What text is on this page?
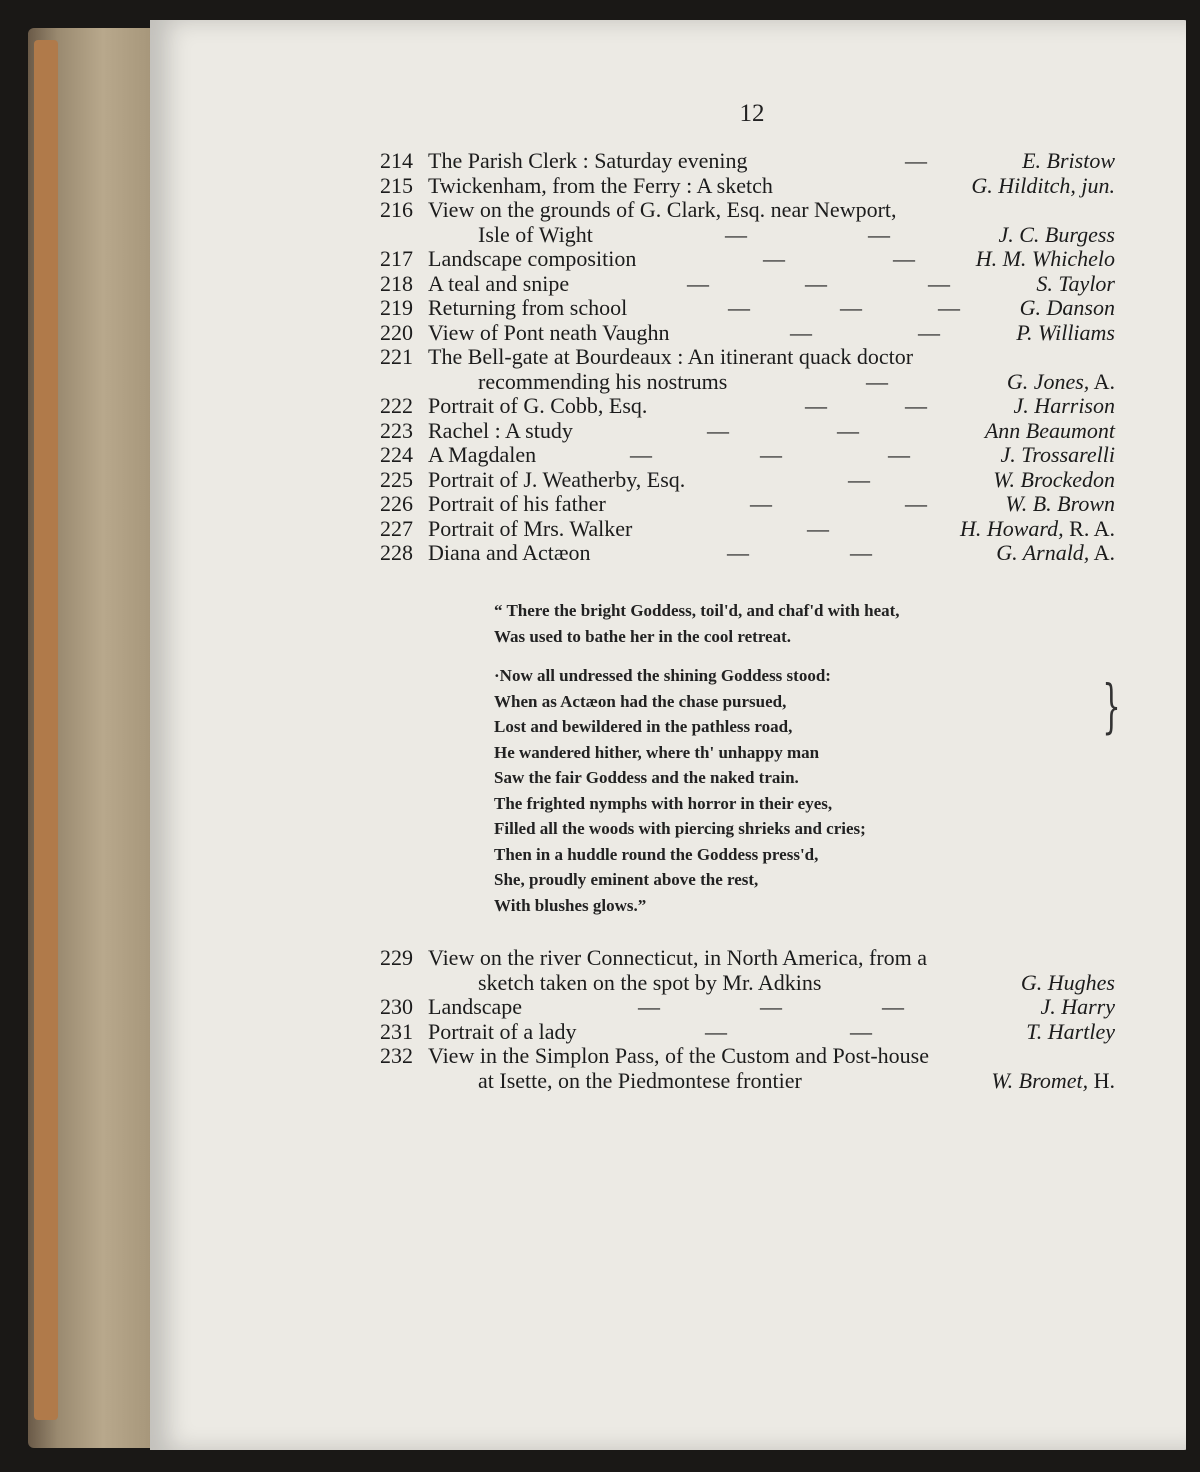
12
214 The Parish Clerk : Saturday evening	—	E. Bristow
215 Twickenham, from the Ferry : A sketch	G. Hilditch, jun.
216 View on the grounds of G. Clark, Esq. near Newport,
Isle of Wight	—	—	J. C. Burgess
217 Landscape composition	—	—	H. M. Whichelo
218 A teal and snipe	—	—	—	S. Taylor
219 Returning from school	—	—	—	G. Danson
220 View of Pont neath Vaughn	—	—	P. Williams
221 The Bell-gate at Bourdeaux : An itinerant quack doctor
recommending his nostrums	—	G. Jones, A.
222 Portrait of G. Cobb, Esq.	—	—	J. Harrison
223 Rachel : A study	—	—	Ann Beaumont
224 A Magdalen	—	—	—	J. Trossarelli
225 Portrait of J. Weatherby, Esq.	—	W. Brockedon
226 Portrait of his father	—	—	W. B. Brown
227 Portrait of Mrs. Walker	—	H. Howard, R. A.
228 Diana and Actæon	—	—	G. Arnald, A.
“ There the bright Goddess, toil'd, and chaf'd with heat,
Was used to bathe her in the cool retreat.
·Now all undressed the shining Goddess stood:
When as Actæon had the chase pursued,
Lost and bewildered in the pathless road,
He wandered hither, where th' unhappy man
Saw the fair Goddess and the naked train.
The frighted nymphs with horror in their eyes,
Filled all the woods with piercing shrieks and cries;
Then in a huddle round the Goddess press'd,
She, proudly eminent above the rest,
With blushes glows.”
}
229 View on the river Connecticut, in North America, from a
sketch taken on the spot by Mr. Adkins	G. Hughes
230 Landscape	—	—	—	J. Harry
231 Portrait of a lady	—	—	T. Hartley
232 View in the Simplon Pass, of the Custom and Post-house
at Isette, on the Piedmontese frontier	W. Bromet, H.
